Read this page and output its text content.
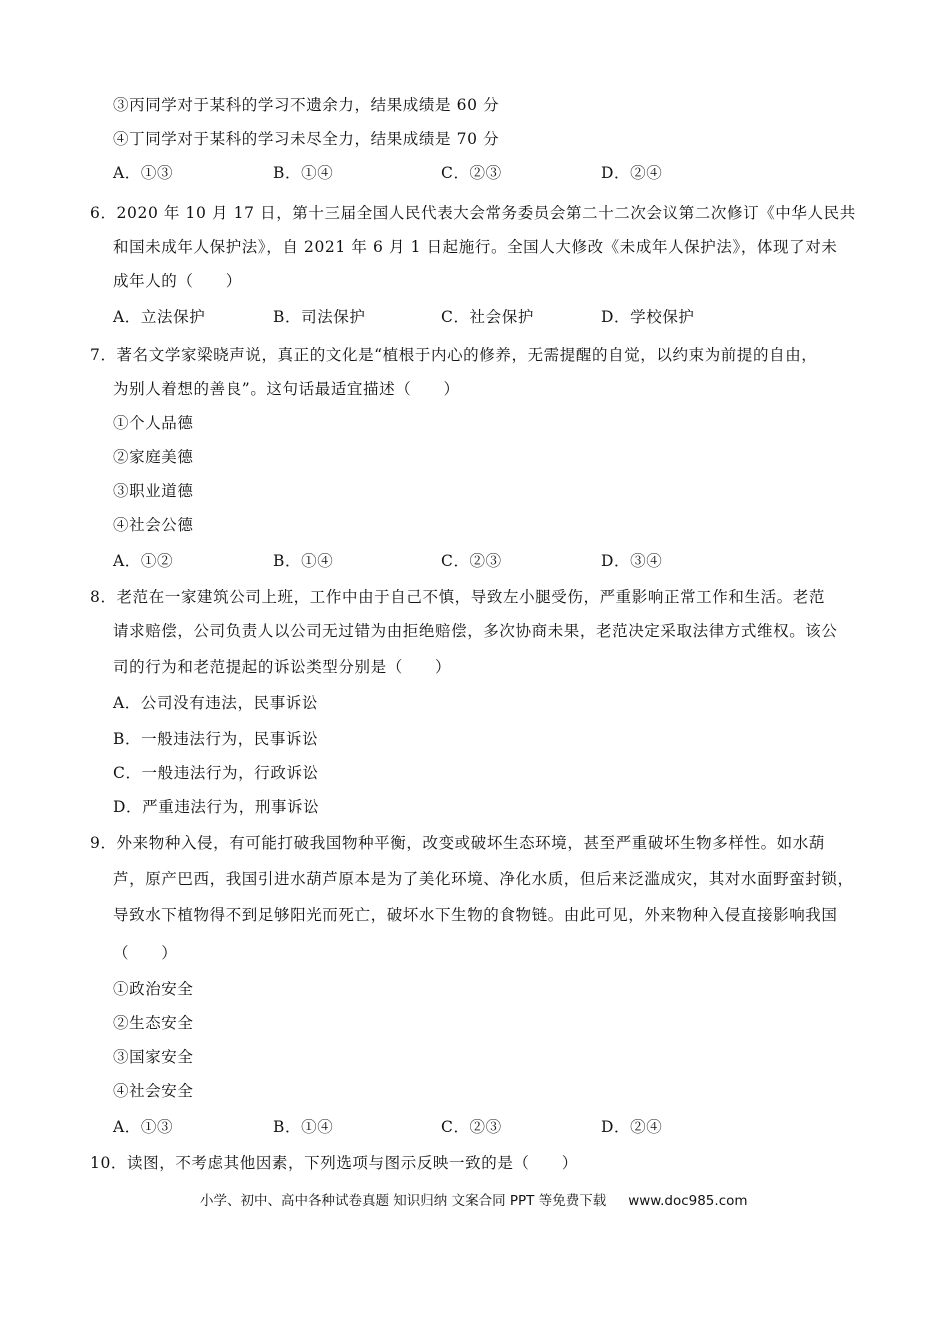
③丙同学对于某科的学习不遗余力，结果成绩是 60 分
④丁同学对于某科的学习未尽全力，结果成绩是 70 分
A．①③	B．①④	C．②③	D．②④
6．2020 年 10 月 17 日，第十三届全国人民代表大会常务委员会第二十二次会议第二次修订《中华人民共
和国未成年人保护法》，自 2021 年 6 月 1 日起施行。全国人大修改《未成年人保护法》，体现了对未
成年人的（　　）
A．立法保护	B．司法保护	C．社会保护	D．学校保护
7．著名文学家梁晓声说，真正的文化是“植根于内心的修养，无需提醒的自觉，以约束为前提的自由，
为别人着想的善良”。这句话最适宜描述（　　）
①个人品德
②家庭美德
③职业道德
④社会公德
A．①②	B．①④	C．②③	D．③④
8．老范在一家建筑公司上班，工作中由于自己不慎，导致左小腿受伤，严重影响正常工作和生活。老范
请求赔偿，公司负责人以公司无过错为由拒绝赔偿，多次协商未果，老范决定采取法律方式维权。该公
司的行为和老范提起的诉讼类型分别是（　　）
A．公司没有违法，民事诉讼
B．一般违法行为，民事诉讼
C．一般违法行为，行政诉讼
D．严重违法行为，刑事诉讼
9．外来物种入侵，有可能打破我国物种平衡，改变或破坏生态环境，甚至严重破坏生物多样性。如水葫
芦，原产巴西，我国引进水葫芦原本是为了美化环境、净化水质，但后来泛滥成灾，其对水面野蛮封锁，
导致水下植物得不到足够阳光而死亡，破坏水下生物的食物链。由此可见，外来物种入侵直接影响我国
（　　）
①政治安全
②生态安全
③国家安全
④社会安全
A．①③	B．①④	C．②③	D．②④
10．读图，不考虑其他因素，下列选项与图示反映一致的是（　　）
小学、初中、高中各种试卷真题 知识归纳 文案合同 PPT 等免费下载 www.doc985.com
